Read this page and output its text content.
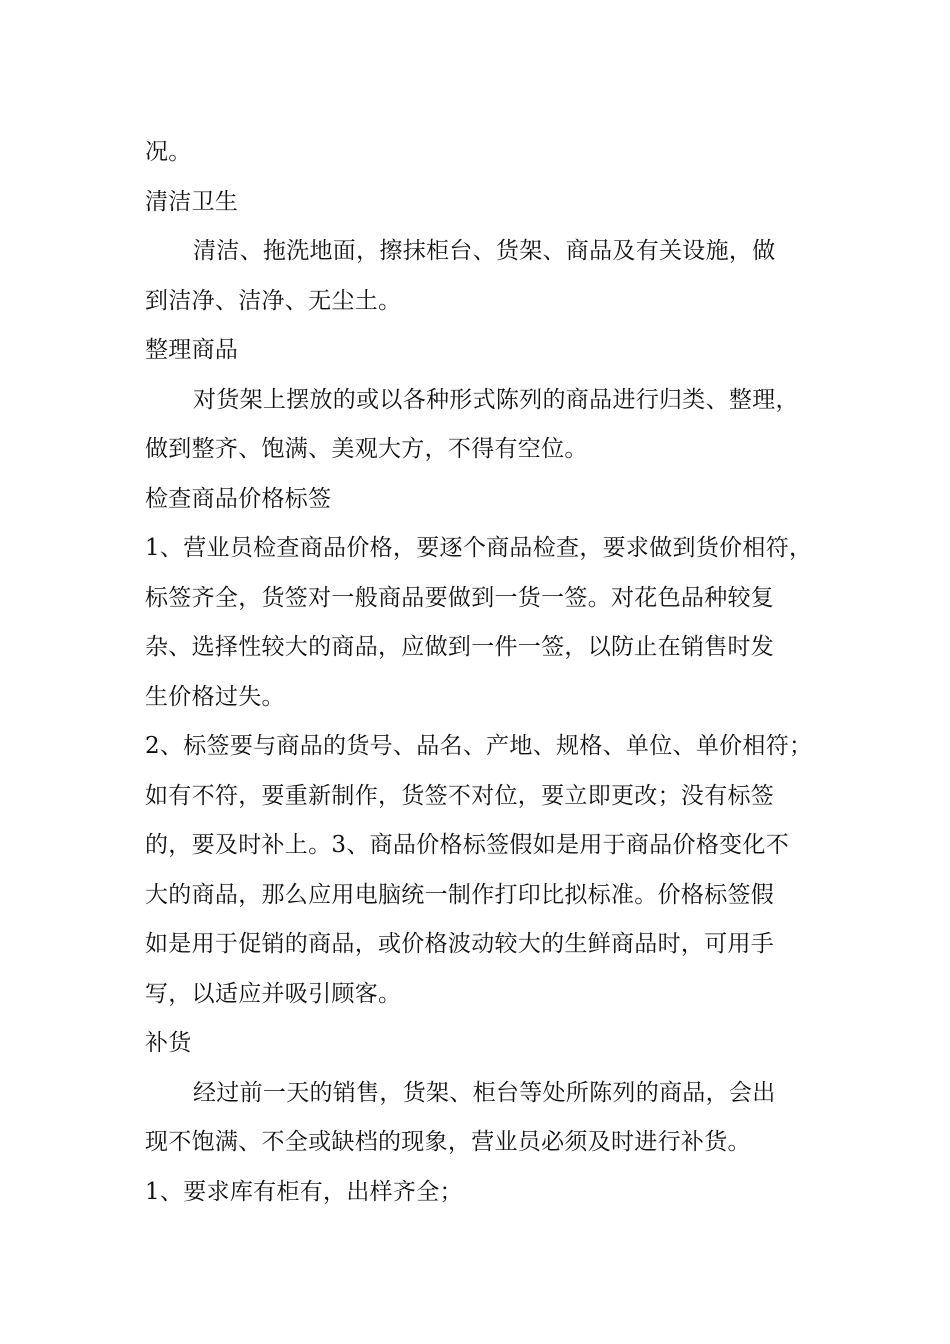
况。
清洁卫生
清洁、拖洗地面，擦抹柜台、货架、商品及有关设施，做
到洁净、洁净、无尘土。
整理商品
对货架上摆放的或以各种形式陈列的商品进行归类、整理，
做到整齐、饱满、美观大方，不得有空位。
检查商品价格标签
1、营业员检查商品价格，要逐个商品检查，要求做到货价相符，
标签齐全，货签对一般商品要做到一货一签。对花色品种较复
杂、选择性较大的商品，应做到一件一签，以防止在销售时发
生价格过失。
2、标签要与商品的货号、品名、产地、规格、单位、单价相符；
如有不符，要重新制作，货签不对位，要立即更改；没有标签
的，要及时补上。3、商品价格标签假如是用于商品价格变化不
大的商品，那么应用电脑统一制作打印比拟标准。价格标签假
如是用于促销的商品，或价格波动较大的生鲜商品时，可用手
写，以适应并吸引顾客。
补货
经过前一天的销售，货架、柜台等处所陈列的商品，会出
现不饱满、不全或缺档的现象，营业员必须及时进行补货。
1、要求库有柜有，出样齐全；
